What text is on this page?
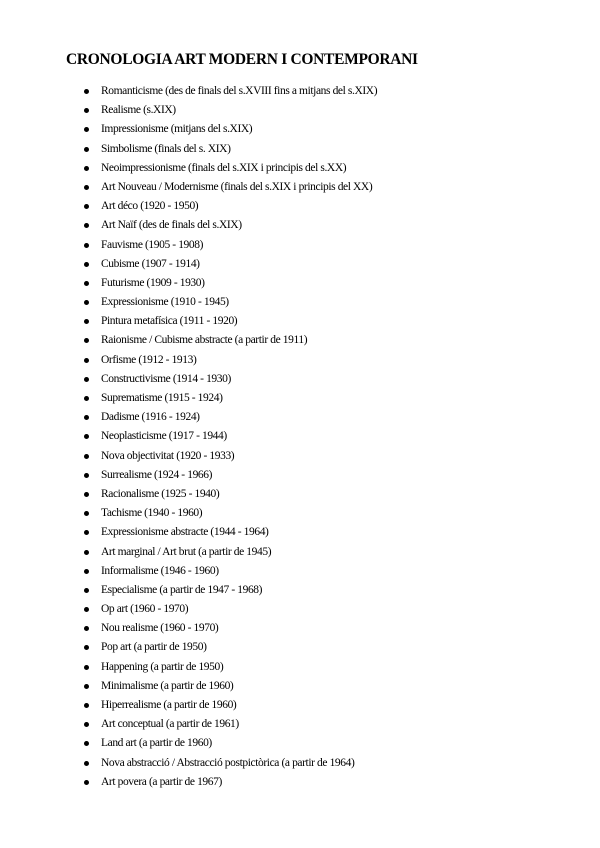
CRONOLOGIA ART MODERN I CONTEMPORANI
Romanticisme (des de finals del s.XVIII fins a mitjans del s.XIX)
Realisme (s.XIX)
Impressionisme (mitjans del s.XIX)
Simbolisme (finals del s. XIX)
Neoimpressionisme (finals del s.XIX i principis del s.XX)
Art Nouveau / Modernisme (finals del s.XIX i principis del XX)
Art déco (1920 - 1950)
Art Naïf (des de finals del s.XIX)
Fauvisme (1905 - 1908)
Cubisme (1907 - 1914)
Futurisme (1909 - 1930)
Expressionisme (1910 - 1945)
Pintura metafísica (1911 - 1920)
Raionisme / Cubisme abstracte (a partir de 1911)
Orfisme (1912 - 1913)
Constructivisme (1914 - 1930)
Suprematisme (1915 - 1924)
Dadisme (1916 - 1924)
Neoplasticisme (1917 - 1944)
Nova objectivitat (1920 - 1933)
Surrealisme (1924 - 1966)
Racionalisme (1925 - 1940)
Tachisme (1940 - 1960)
Expressionisme abstracte (1944 - 1964)
Art marginal / Art brut (a partir de 1945)
Informalisme (1946 - 1960)
Especialisme (a partir de 1947 - 1968)
Op art (1960 - 1970)
Nou realisme (1960 - 1970)
Pop art (a partir de 1950)
Happening (a partir de 1950)
Minimalisme (a partir de 1960)
Hiperrealisme (a partir de 1960)
Art conceptual (a partir de 1961)
Land art (a partir de 1960)
Nova abstracció / Abstracció postpictòrica (a partir de 1964)
Art povera (a partir de 1967)
